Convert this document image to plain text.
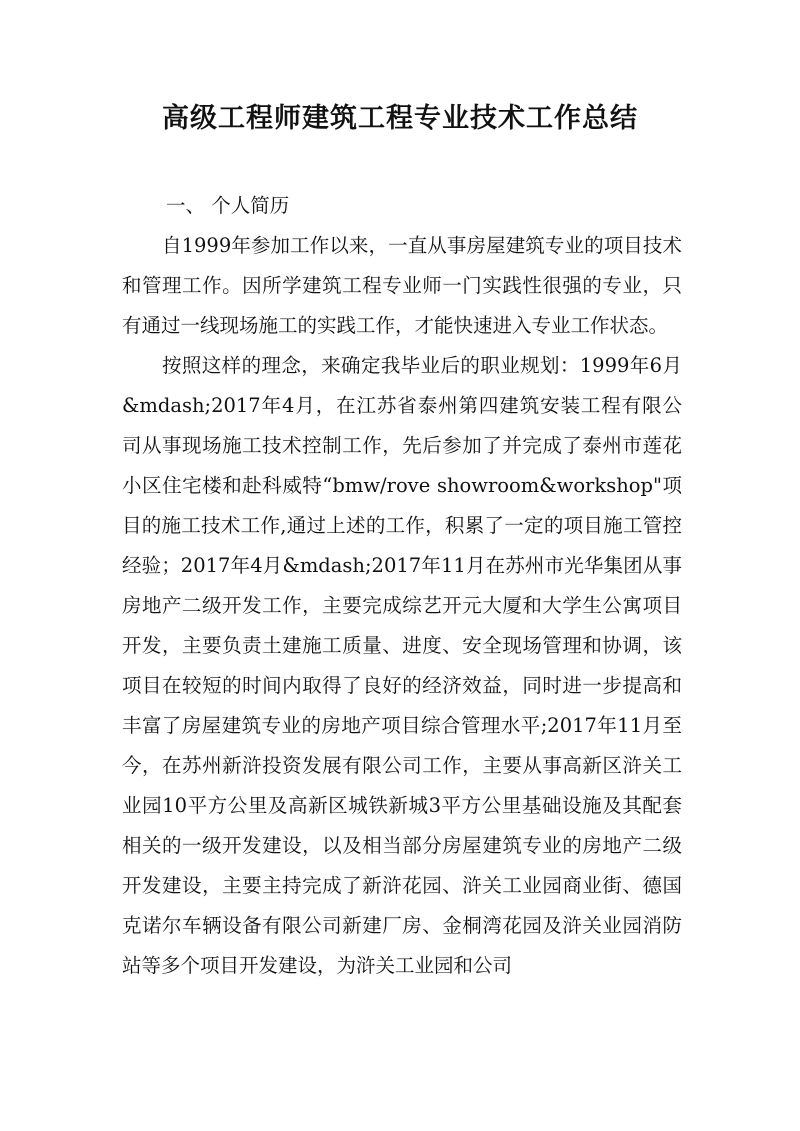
高级工程师建筑工程专业技术工作总结

一、 个人简历

自1999年参加工作以来，一直从事房屋建筑专业的项目技术和管理工作。因所学建筑工程专业师一门实践性很强的专业，只有通过一线现场施工的实践工作，才能快速进入专业工作状态。

按照这样的理念，来确定我毕业后的职业规划：1999年6月&mdash;2017年4月，在江苏省泰州第四建筑安装工程有限公司从事现场施工技术控制工作，先后参加了并完成了泰州市莲花小区住宅楼和赴科威特“bmw/rove showroom&workshop"项目的施工技术工作,通过上述的工作，积累了一定的项目施工管控经验；2017年4月&mdash;2017年11月在苏州市光华集团从事房地产二级开发工作，主要完成综艺开元大厦和大学生公寓项目开发，主要负责土建施工质量、进度、安全现场管理和协调，该项目在较短的时间内取得了良好的经济效益，同时进一步提高和丰富了房屋建筑专业的房地产项目综合管理水平;2017年11月至今，在苏州新浒投资发展有限公司工作，主要从事高新区浒关工业园10平方公里及高新区城铁新城3平方公里基础设施及其配套相关的一级开发建设，以及相当部分房屋建筑专业的房地产二级开发建设，主要主持完成了新浒花园、浒关工业园商业街、德国克诺尔车辆设备有限公司新建厂房、金桐湾花园及浒关业园消防站等多个项目开发建设，为浒关工业园和公司
